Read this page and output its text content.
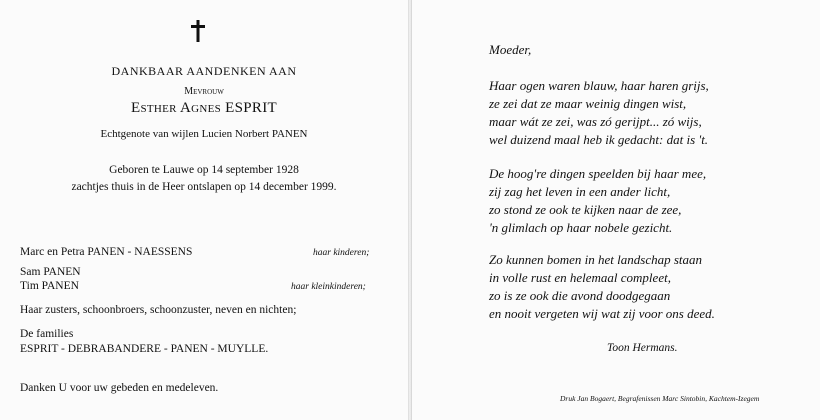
DANKBAAR AANDENKEN AAN
Mevrouw
Esther Agnes ESPRIT
Echtgenote van wijlen Lucien Norbert PANEN
Geboren te Lauwe op 14 september 1928
zachtjes thuis in de Heer ontslapen op 14 december 1999.
Marc en Petra PANEN - NAESSENS	haar kinderen;
Sam PANEN
Tim PANEN	haar kleinkinderen;
Haar zusters, schoonbroers, schoonzuster, neven en nichten;
De families
ESPRIT - DEBRABANDERE - PANEN - MUYLLE.
Danken U voor uw gebeden en medeleven.
Moeder,
Haar ogen waren blauw, haar haren grijs,
ze zei dat ze maar weinig dingen wist,
maar wát ze zei, was zó gerijpt... zó wijs,
wel duizend maal heb ik gedacht: dat is 't.
De hoog're dingen speelden bij haar mee,
zij zag het leven in een ander licht,
zo stond ze ook te kijken naar de zee,
'n glimlach op haar nobele gezicht.
Zo kunnen bomen in het landschap staan
in volle rust en helemaal compleet,
zo is ze ook die avond doodgegaan
en nooit vergeten wij wat zij voor ons deed.
Toon Hermans.
Druk Jan Bogaert, Begrafenissen Marc Sintobin, Kachtem-Izegem
